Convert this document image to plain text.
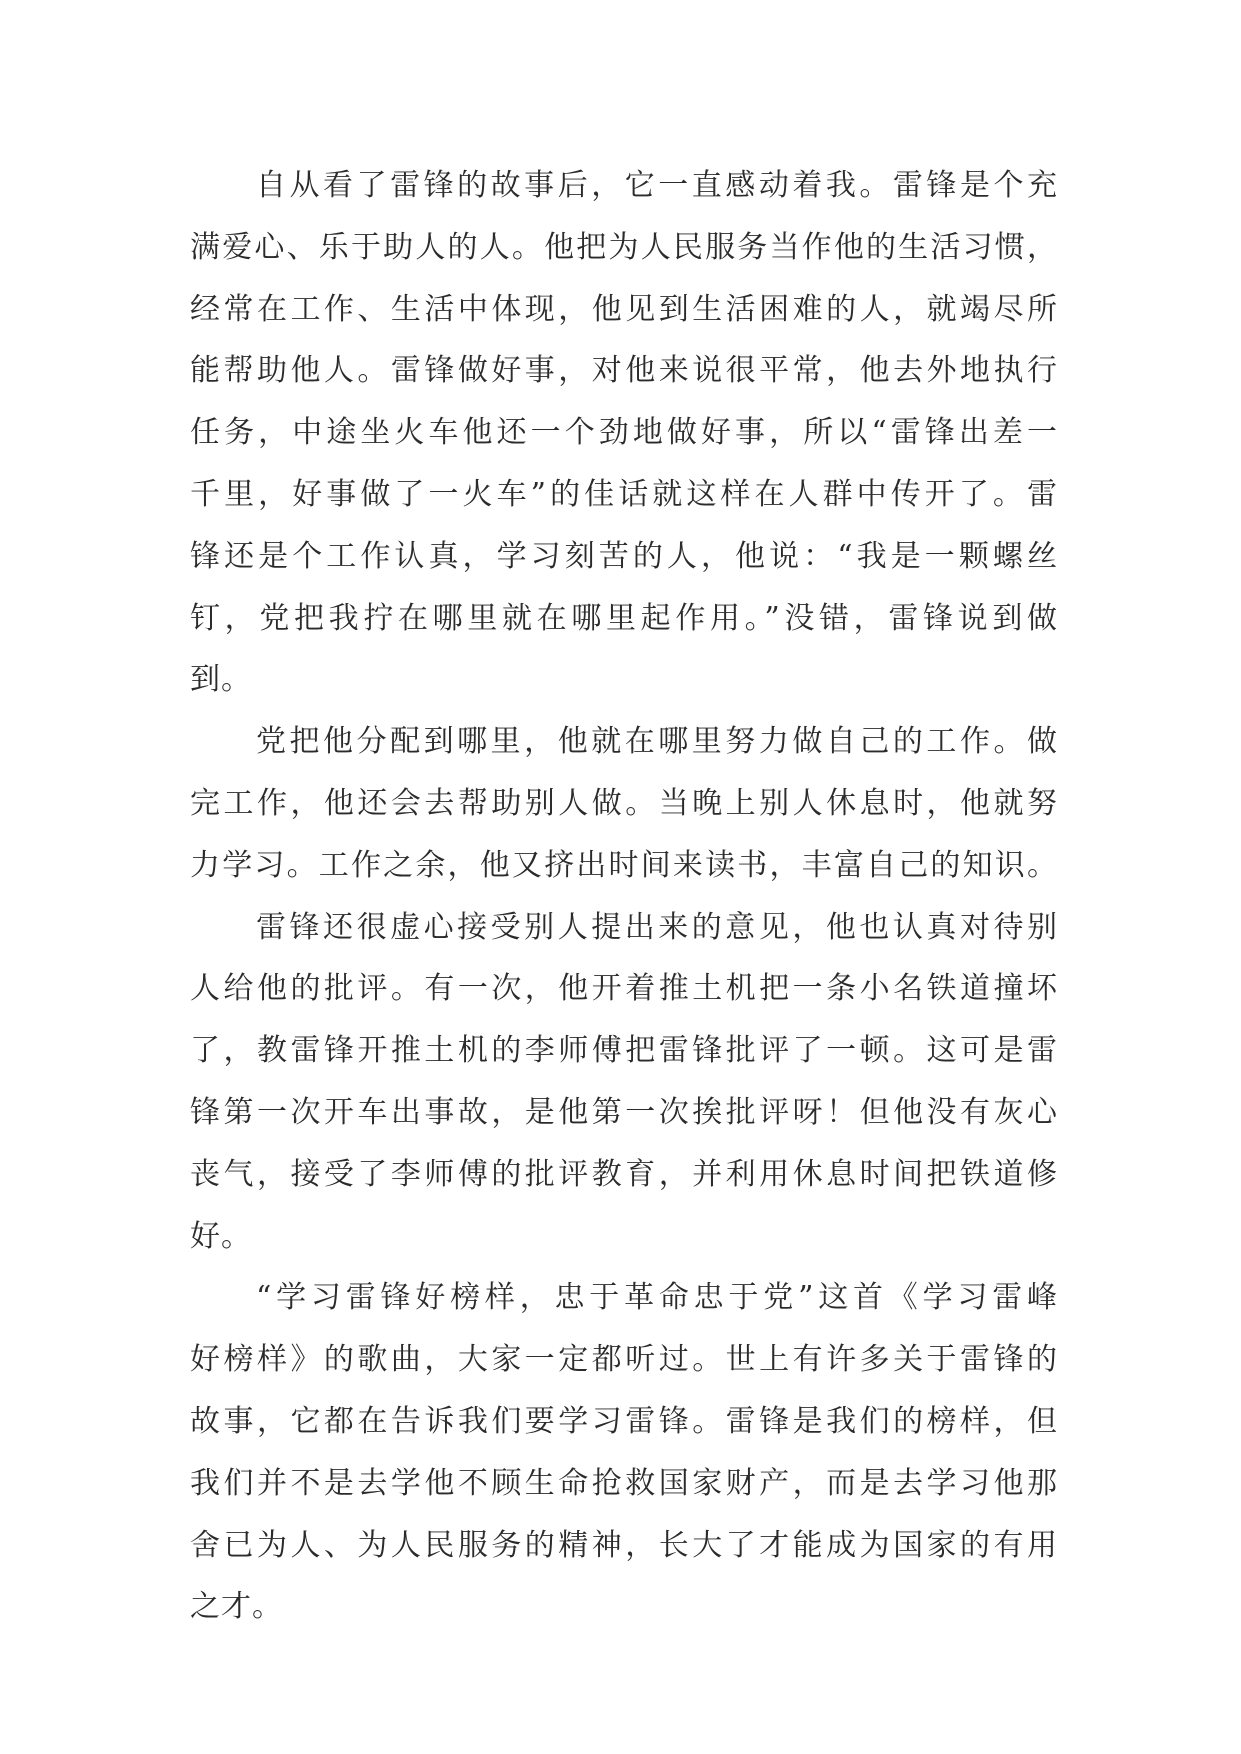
自从看了雷锋的故事后，它一直感动着我。雷锋是个充
满爱心、乐于助人的人。他把为人民服务当作他的生活习惯，
经常在工作、生活中体现，他见到生活困难的人，就竭尽所
能帮助他人。雷锋做好事，对他来说很平常，他去外地执行
任务，中途坐火车他还一个劲地做好事，所以“雷锋出差一
千里，好事做了一火车”的佳话就这样在人群中传开了。雷
锋还是个工作认真，学习刻苦的人，他说：“我是一颗螺丝
钉，党把我拧在哪里就在哪里起作用。”没错，雷锋说到做
到。
党把他分配到哪里，他就在哪里努力做自己的工作。做
完工作，他还会去帮助别人做。当晚上别人休息时，他就努
力学习。工作之余，他又挤出时间来读书，丰富自己的知识。
雷锋还很虚心接受别人提出来的意见，他也认真对待别
人给他的批评。有一次，他开着推土机把一条小名铁道撞坏
了，教雷锋开推土机的李师傅把雷锋批评了一顿。这可是雷
锋第一次开车出事故，是他第一次挨批评呀！但他没有灰心
丧气，接受了李师傅的批评教育，并利用休息时间把铁道修
好。
“学习雷锋好榜样，忠于革命忠于党”这首《学习雷峰
好榜样》的歌曲，大家一定都听过。世上有许多关于雷锋的
故事，它都在告诉我们要学习雷锋。雷锋是我们的榜样，但
我们并不是去学他不顾生命抢救国家财产，而是去学习他那
舍已为人、为人民服务的精神，长大了才能成为国家的有用
之才。
